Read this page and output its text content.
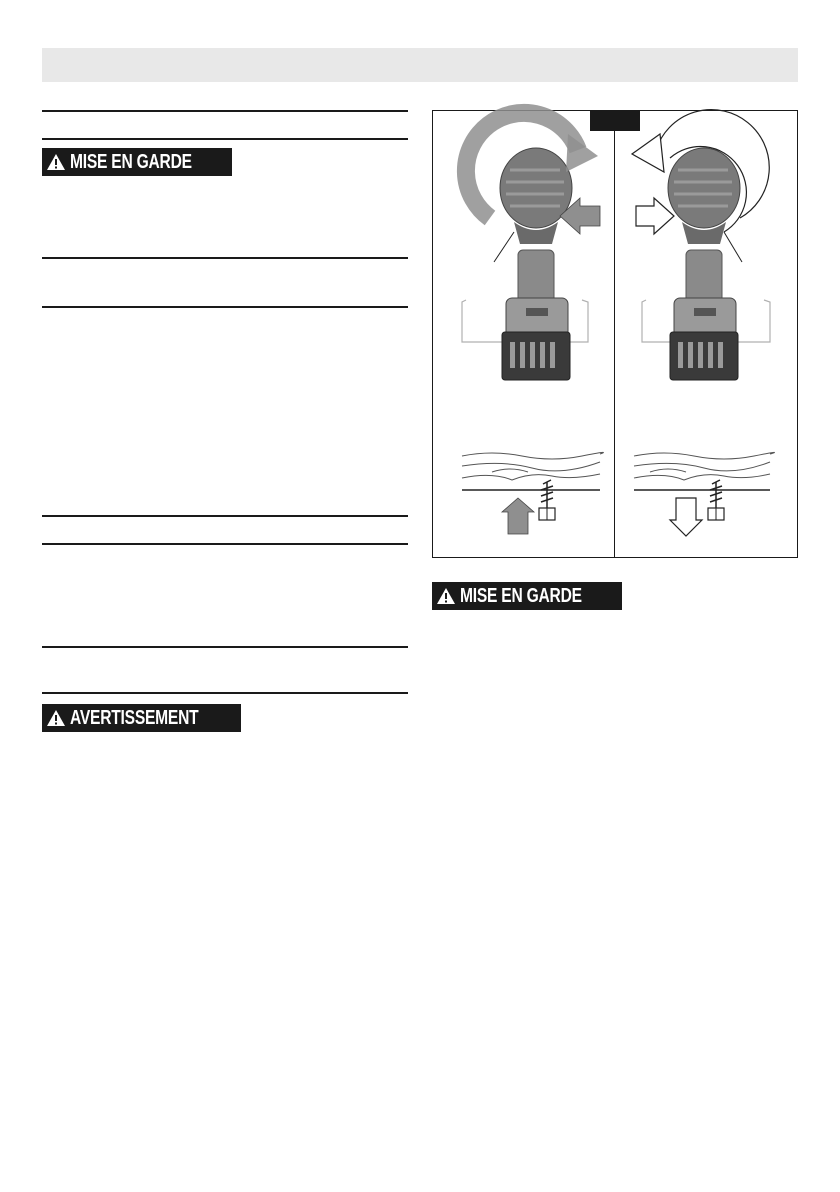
MISE EN GARDE
AVERTISSEMENT
MISE EN GARDE
